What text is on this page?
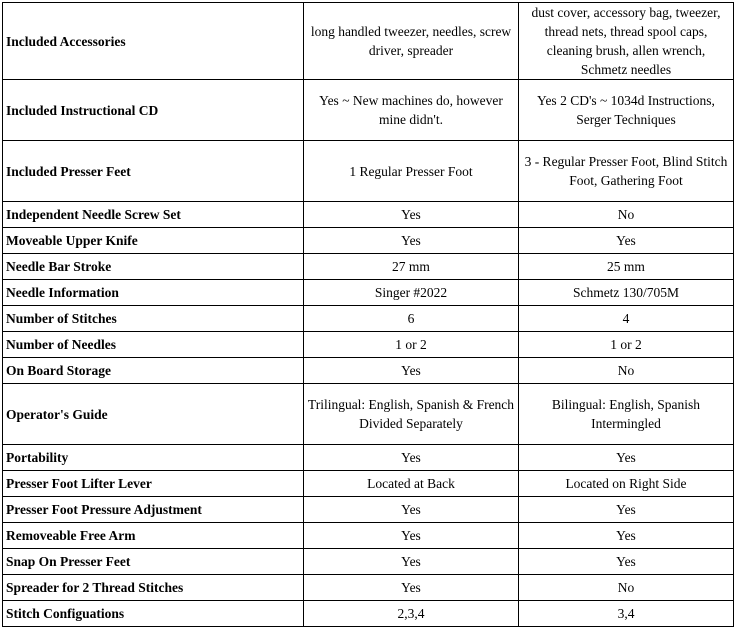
Included Accessories	long handled tweezer, needles, screw driver, spreader	dust cover, accessory bag, tweezer, thread nets, thread spool caps, cleaning brush, allen wrench, Schmetz needles
Included Instructional CD	Yes ~ New machines do, however mine didn't.	Yes 2 CD's ~ 1034d Instructions, Serger Techniques
Included Presser Feet	1 Regular Presser Foot	3 - Regular Presser Foot, Blind Stitch Foot, Gathering Foot
Independent Needle Screw Set	Yes	No
Moveable Upper Knife	Yes	Yes
Needle Bar Stroke	27 mm	25 mm
Needle Information	Singer #2022	Schmetz 130/705M
Number of Stitches	6	4
Number of Needles	1 or 2	1 or 2
On Board Storage	Yes	No
Operator's Guide	Trilingual: English, Spanish & French Divided Separately	Bilingual: English, Spanish Intermingled
Portability	Yes	Yes
Presser Foot Lifter Lever	Located at Back	Located on Right Side
Presser Foot Pressure Adjustment	Yes	Yes
Removeable Free Arm	Yes	Yes
Snap On Presser Feet	Yes	Yes
Spreader for 2 Thread Stitches	Yes	No
Stitch Configuations	2,3,4	3,4
